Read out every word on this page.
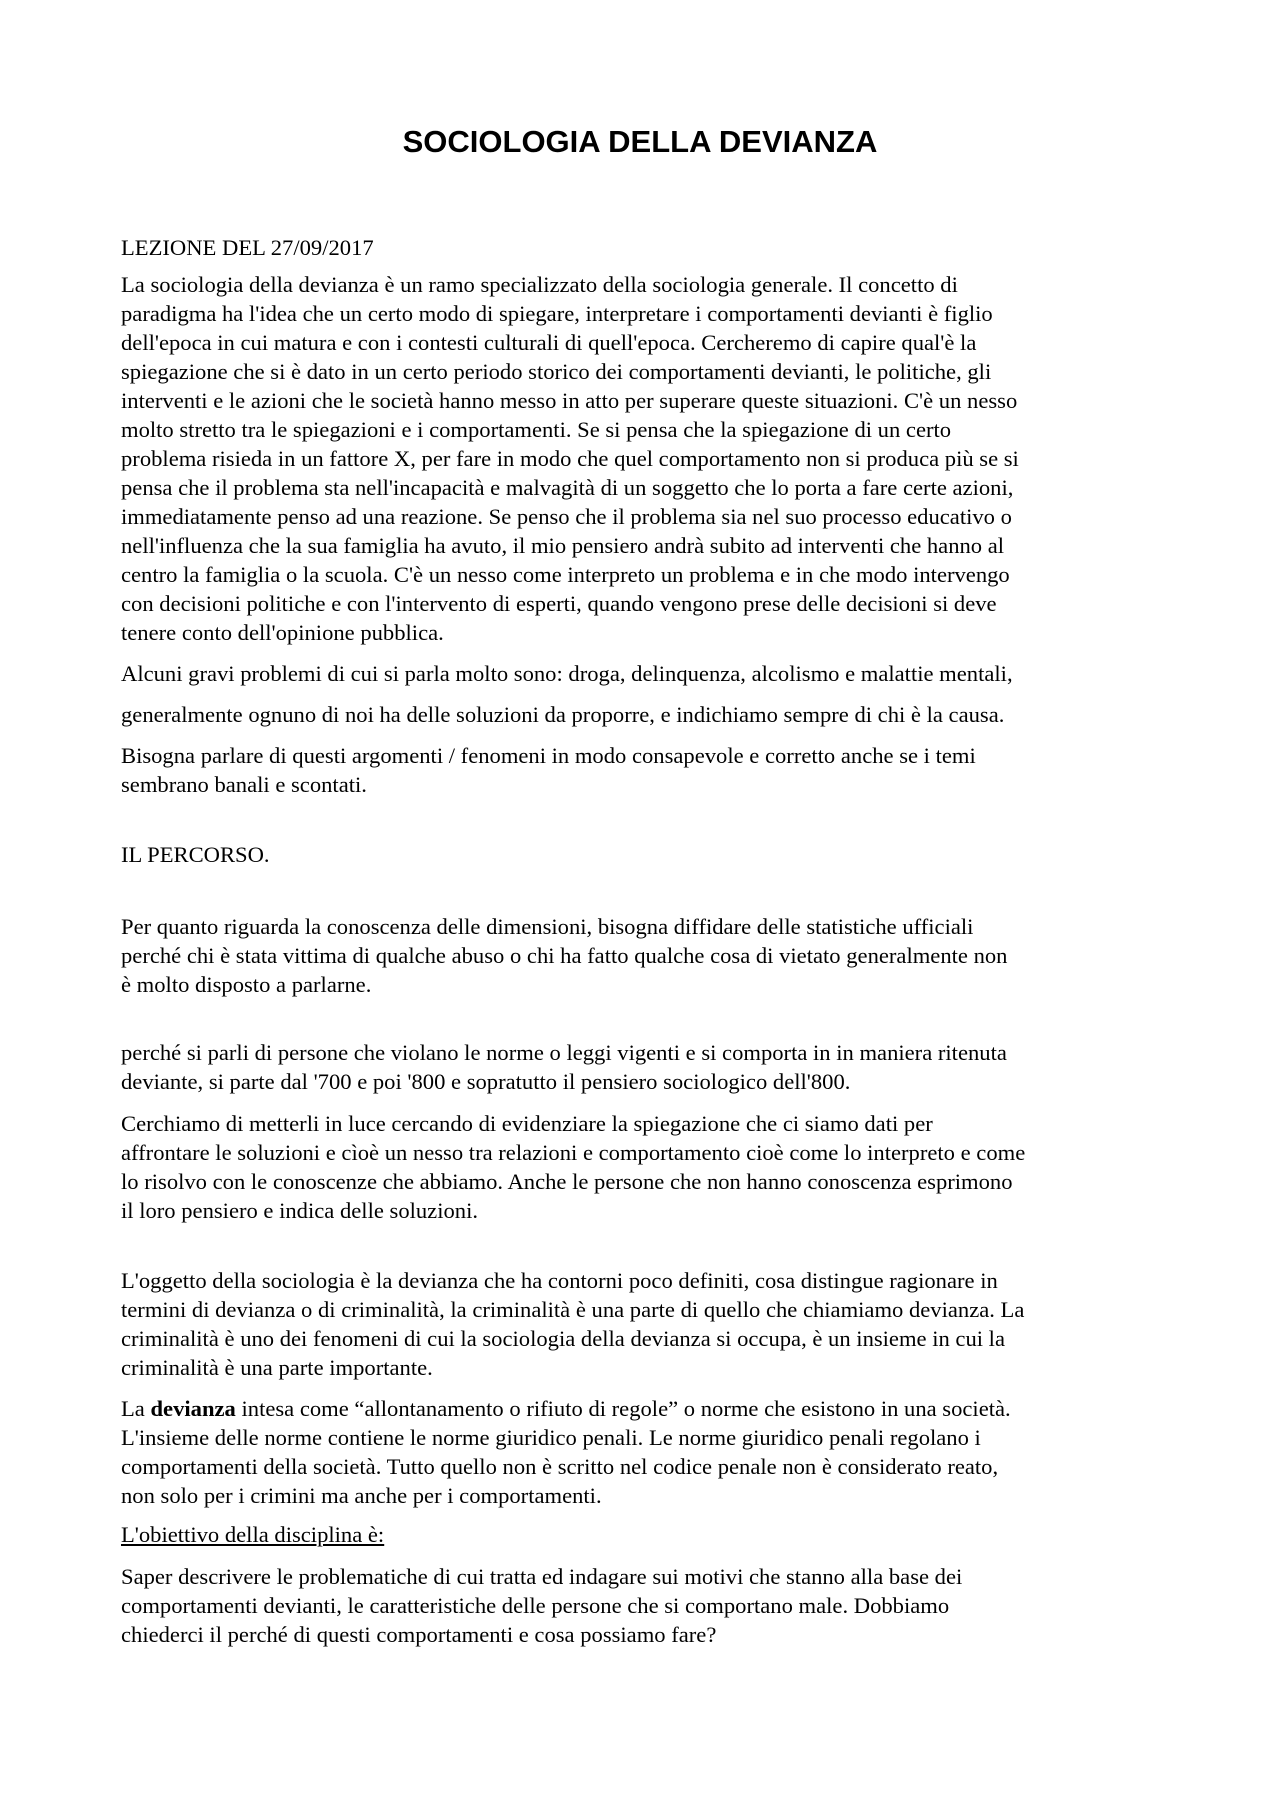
SOCIOLOGIA DELLA DEVIANZA

LEZIONE DEL 27/09/2017

La sociologia della devianza è un ramo specializzato della sociologia generale. Il concetto di
paradigma ha l'idea che un certo modo di spiegare, interpretare i comportamenti devianti è figlio
dell'epoca in cui matura e con i contesti culturali di quell'epoca. Cercheremo di capire qual'è la
spiegazione che si è dato in un certo periodo storico dei comportamenti devianti, le politiche, gli
interventi e le azioni che le società hanno messo in atto per superare queste situazioni. C'è un nesso
molto stretto tra le spiegazioni e i comportamenti. Se si pensa che la spiegazione di un certo
problema risieda in un fattore X, per fare in modo che quel comportamento non si produca più se si
pensa che il problema sta nell'incapacità e malvagità di un soggetto che lo porta a fare certe azioni,
immediatamente penso ad una reazione. Se penso che il problema sia nel suo processo educativo o
nell'influenza che la sua famiglia ha avuto, il mio pensiero andrà subito ad interventi che hanno al
centro la famiglia o la scuola. C'è un nesso come interpreto un problema e in che modo intervengo
con decisioni politiche e con l'intervento di esperti, quando vengono prese delle decisioni si deve
tenere conto dell'opinione pubblica.

Alcuni gravi problemi di cui si parla molto sono: droga, delinquenza, alcolismo e malattie mentali,

generalmente ognuno di noi ha delle soluzioni da proporre, e indichiamo sempre di chi è la causa.

Bisogna parlare di questi argomenti / fenomeni in modo consapevole e corretto anche se i temi
sembrano banali e scontati.

IL PERCORSO.

Per quanto riguarda la conoscenza delle dimensioni, bisogna diffidare delle statistiche ufficiali
perché chi è stata vittima di qualche abuso o chi ha fatto qualche cosa di vietato generalmente non
è molto disposto a parlarne.

perché si parli di persone che violano le norme o leggi vigenti e si comporta in in maniera ritenuta
deviante, si parte dal '700 e poi '800 e sopratutto il pensiero sociologico dell'800.

Cerchiamo di metterli in luce cercando di evidenziare la spiegazione che ci siamo dati per
affrontare le soluzioni e cìoè un nesso tra relazioni e comportamento cioè come lo interpreto e come
lo risolvo con le conoscenze che abbiamo. Anche le persone che non hanno conoscenza esprimono
il loro pensiero e indica delle soluzioni.

L'oggetto della sociologia è la devianza che ha contorni poco definiti, cosa distingue ragionare in
termini di devianza o di criminalità, la criminalità è una parte di quello che chiamiamo devianza. La
criminalità è uno dei fenomeni di cui la sociologia della devianza si occupa, è un insieme in cui la
criminalità è una parte importante.

La devianza intesa come “allontanamento o rifiuto di regole” o norme che esistono in una società.
L'insieme delle norme contiene le norme giuridico penali. Le norme giuridico penali regolano i
comportamenti della società. Tutto quello non è scritto nel codice penale non è considerato reato,
non solo per i crimini ma anche per i comportamenti.

L'obiettivo della disciplina è:

Saper descrivere le problematiche di cui tratta ed indagare sui motivi che stanno alla base dei
comportamenti devianti, le caratteristiche delle persone che si comportano male. Dobbiamo
chiederci il perché di questi comportamenti e cosa possiamo fare?
